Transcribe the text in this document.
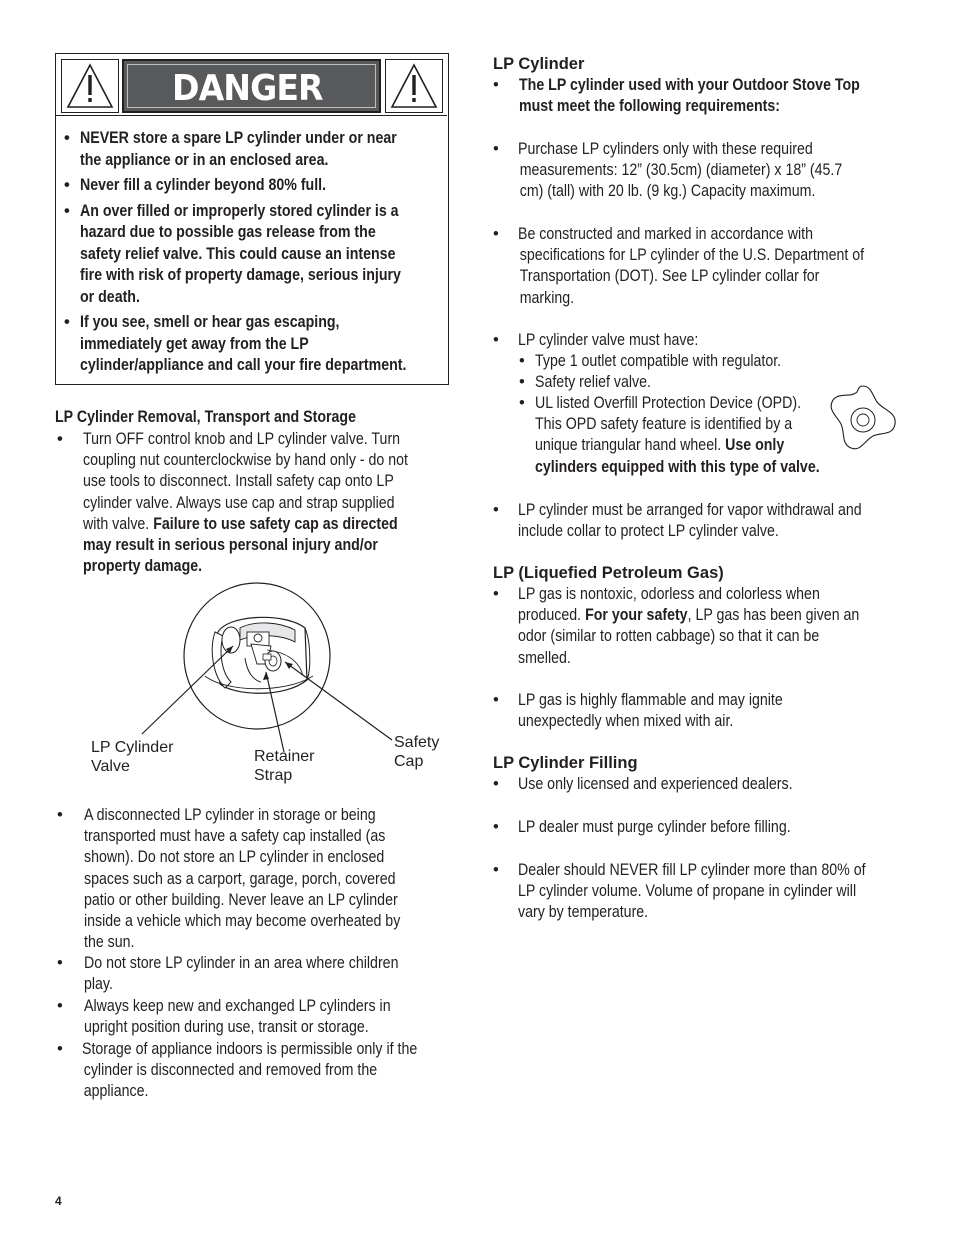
DANGER
• NEVER store a spare LP cylinder under or near
the appliance or in an enclosed area.
• Never fill a cylinder beyond 80% full.
• An over filled or improperly stored cylinder is a
hazard due to possible gas release from the
safety relief valve. This could cause an intense
fire with risk of property damage, serious injury
or death.
• If you see, smell or hear gas escaping,
immediately get away from the LP
cylinder/appliance and call your fire department.
LP Cylinder Removal, Transport and Storage
• Turn OFF control knob and LP cylinder valve. Turn
coupling nut counterclockwise by hand only - do not
use tools to disconnect. Install safety cap onto LP
cylinder valve. Always use cap and strap supplied
with valve. Failure to use safety cap as directed
may result in serious personal injury and/or
property damage.
LP Cylinder
Valve
Retainer
Strap
Safety
Cap
• A disconnected LP cylinder in storage or being
transported must have a safety cap installed (as
shown). Do not store an LP cylinder in enclosed
spaces such as a carport, garage, porch, covered
patio or other building. Never leave an LP cylinder
inside a vehicle which may become overheated by
the sun.
• Do not store LP cylinder in an area where children
play.
• Always keep new and exchanged LP cylinders in
upright position during use, transit or storage.
• Storage of appliance indoors is permissible only if the
cylinder is disconnected and removed from the
appliance.
LP Cylinder
• The LP cylinder used with your Outdoor Stove Top
must meet the following requirements:
• Purchase LP cylinders only with these required
measurements: 12” (30.5cm) (diameter) x 18” (45.7
cm) (tall) with 20 lb. (9 kg.) Capacity maximum.
• Be constructed and marked in accordance with
specifications for LP cylinder of the U.S. Department of
Transportation (DOT). See LP cylinder collar for
marking.
• LP cylinder valve must have:
• Type 1 outlet compatible with regulator.
• Safety relief valve.
• UL listed Overfill Protection Device (OPD).
This OPD safety feature is identified by a
unique triangular hand wheel. Use only
cylinders equipped with this type of valve.
• LP cylinder must be arranged for vapor withdrawal and
include collar to protect LP cylinder valve.
LP (Liquefied Petroleum Gas)
• LP gas is nontoxic, odorless and colorless when
produced. For your safety, LP gas has been given an
odor (similar to rotten cabbage) so that it can be
smelled.
• LP gas is highly flammable and may ignite
unexpectedly when mixed with air.
LP Cylinder Filling
• Use only licensed and experienced dealers.
• LP dealer must purge cylinder before filling.
• Dealer should NEVER fill LP cylinder more than 80% of
LP cylinder volume. Volume of propane in cylinder will
vary by temperature.
4
